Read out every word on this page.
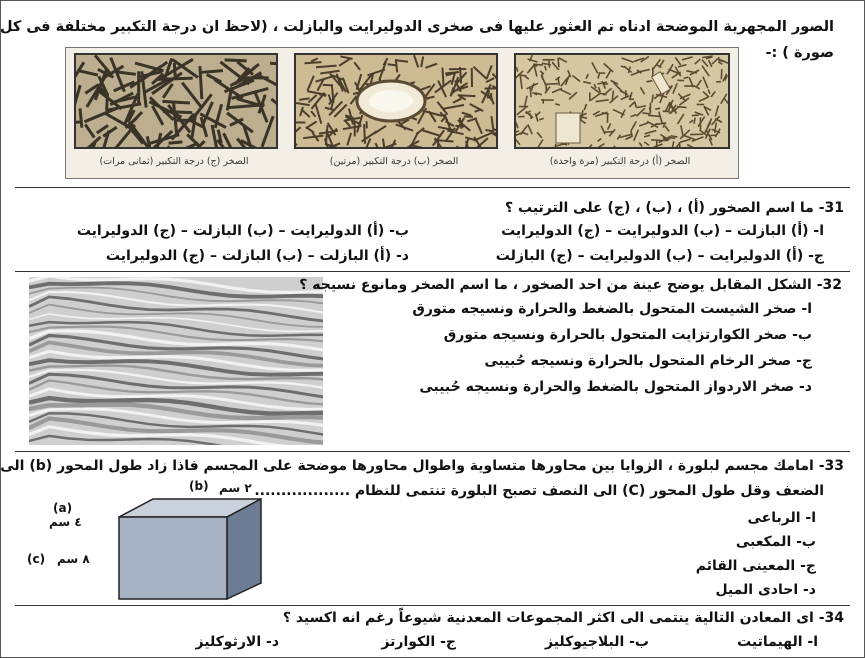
الصور المجهرية الموضحة ادناه تم العثور عليها فى صخرى الدوليرايت والبازلت ، (لاحظ ان درجة التكبير مختلفة فى كل
صورة ) :-
الصخر (ج) درجة التكبير (ثمانى مرات)	الصخر (ب) درجة التكبير (مرتين)	الصخر (أ) درجة التكبير (مرة واحدة)
31- ما اسم الصخور (أ) ، (ب) ، (ج) على الترتيب ؟
ا- (أ) البازلت – (ب) الدوليرايت – (ج) الدوليرايت
ب- (أ) الدوليرايت – (ب) البازلت – (ج) الدوليرايت
ج- (أ) الدوليرايت – (ب) الدوليرايت – (ج) البازلت
د- (أ) البازلت – (ب) البازلت – (ج) الدوليرايت
32- الشكل المقابل يوضح عينة من احد الصخور ، ما اسم الصخر ومانوع نسيجه ؟
ا- صخر الشيست المتحول بالضغط والحرارة ونسيجه متورق
ب- صخر الكوارتزايت المتحول بالحرارة ونسيجه متورق
ج- صخر الرخام المتحول بالحرارة ونسيجه حُبيبى
د- صخر الاردواز المتحول بالضغط والحرارة ونسيجه حُبيبى
33- امامك مجسم لبلورة ، الزوايا بين محاورها متساوية واطوال محاورها موضحة على المجسم فاذا زاد طول المحور (b) الى
الضعف وقل طول المحور (C) الى النصف تصبح البلورة تنتمى للنظام ..................
ا- الرباعى
ب- المكعبى
ج- المعينى القائم
د- احادى الميل
(b) ٢ سم
(a)
٤ سم
(c) ٨ سم
34- اى المعادن التالية ينتمى الى اكثر المجموعات المعدنية شيوعاً رغم انه اكسيد ؟
ا- الهيماتيت
ب- البلاجيوكليز
ج- الكوارتز
د- الارثوكليز
